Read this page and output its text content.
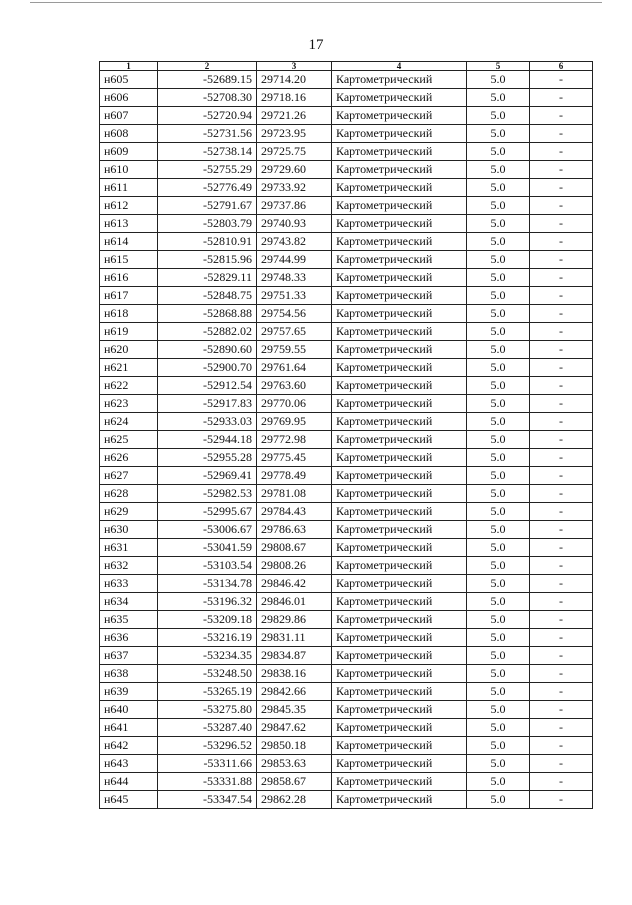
17
1	2	3	4	5	6
н605	-52689.15	29714.20	Картометрический	5.0	-
н606	-52708.30	29718.16	Картометрический	5.0	-
н607	-52720.94	29721.26	Картометрический	5.0	-
н608	-52731.56	29723.95	Картометрический	5.0	-
н609	-52738.14	29725.75	Картометрический	5.0	-
н610	-52755.29	29729.60	Картометрический	5.0	-
н611	-52776.49	29733.92	Картометрический	5.0	-
н612	-52791.67	29737.86	Картометрический	5.0	-
н613	-52803.79	29740.93	Картометрический	5.0	-
н614	-52810.91	29743.82	Картометрический	5.0	-
н615	-52815.96	29744.99	Картометрический	5.0	-
н616	-52829.11	29748.33	Картометрический	5.0	-
н617	-52848.75	29751.33	Картометрический	5.0	-
н618	-52868.88	29754.56	Картометрический	5.0	-
н619	-52882.02	29757.65	Картометрический	5.0	-
н620	-52890.60	29759.55	Картометрический	5.0	-
н621	-52900.70	29761.64	Картометрический	5.0	-
н622	-52912.54	29763.60	Картометрический	5.0	-
н623	-52917.83	29770.06	Картометрический	5.0	-
н624	-52933.03	29769.95	Картометрический	5.0	-
н625	-52944.18	29772.98	Картометрический	5.0	-
н626	-52955.28	29775.45	Картометрический	5.0	-
н627	-52969.41	29778.49	Картометрический	5.0	-
н628	-52982.53	29781.08	Картометрический	5.0	-
н629	-52995.67	29784.43	Картометрический	5.0	-
н630	-53006.67	29786.63	Картометрический	5.0	-
н631	-53041.59	29808.67	Картометрический	5.0	-
н632	-53103.54	29808.26	Картометрический	5.0	-
н633	-53134.78	29846.42	Картометрический	5.0	-
н634	-53196.32	29846.01	Картометрический	5.0	-
н635	-53209.18	29829.86	Картометрический	5.0	-
н636	-53216.19	29831.11	Картометрический	5.0	-
н637	-53234.35	29834.87	Картометрический	5.0	-
н638	-53248.50	29838.16	Картометрический	5.0	-
н639	-53265.19	29842.66	Картометрический	5.0	-
н640	-53275.80	29845.35	Картометрический	5.0	-
н641	-53287.40	29847.62	Картометрический	5.0	-
н642	-53296.52	29850.18	Картометрический	5.0	-
н643	-53311.66	29853.63	Картометрический	5.0	-
н644	-53331.88	29858.67	Картометрический	5.0	-
н645	-53347.54	29862.28	Картометрический	5.0	-
